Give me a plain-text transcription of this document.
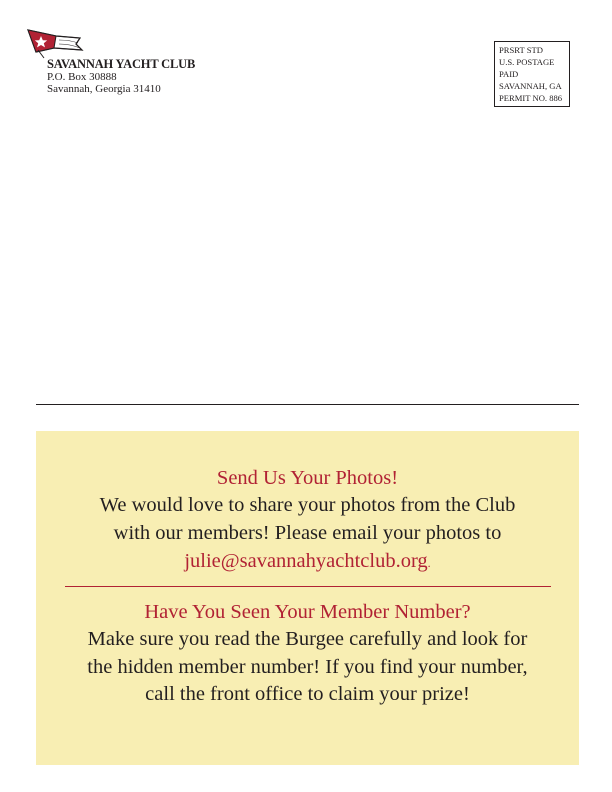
SAVANNAH YACHT CLUB
P.O. Box 30888
Savannah, Georgia 31410
PRSRT STD
U.S. POSTAGE
PAID
SAVANNAH, GA
PERMIT NO. 886
Send Us Your Photos!
We would love to share your photos from the Club
with our members! Please email your photos to
julie@savannahyachtclub.org.
Have You Seen Your Member Number?
Make sure you read the Burgee carefully and look for
the hidden member number! If you find your number,
call the front office to claim your prize!
